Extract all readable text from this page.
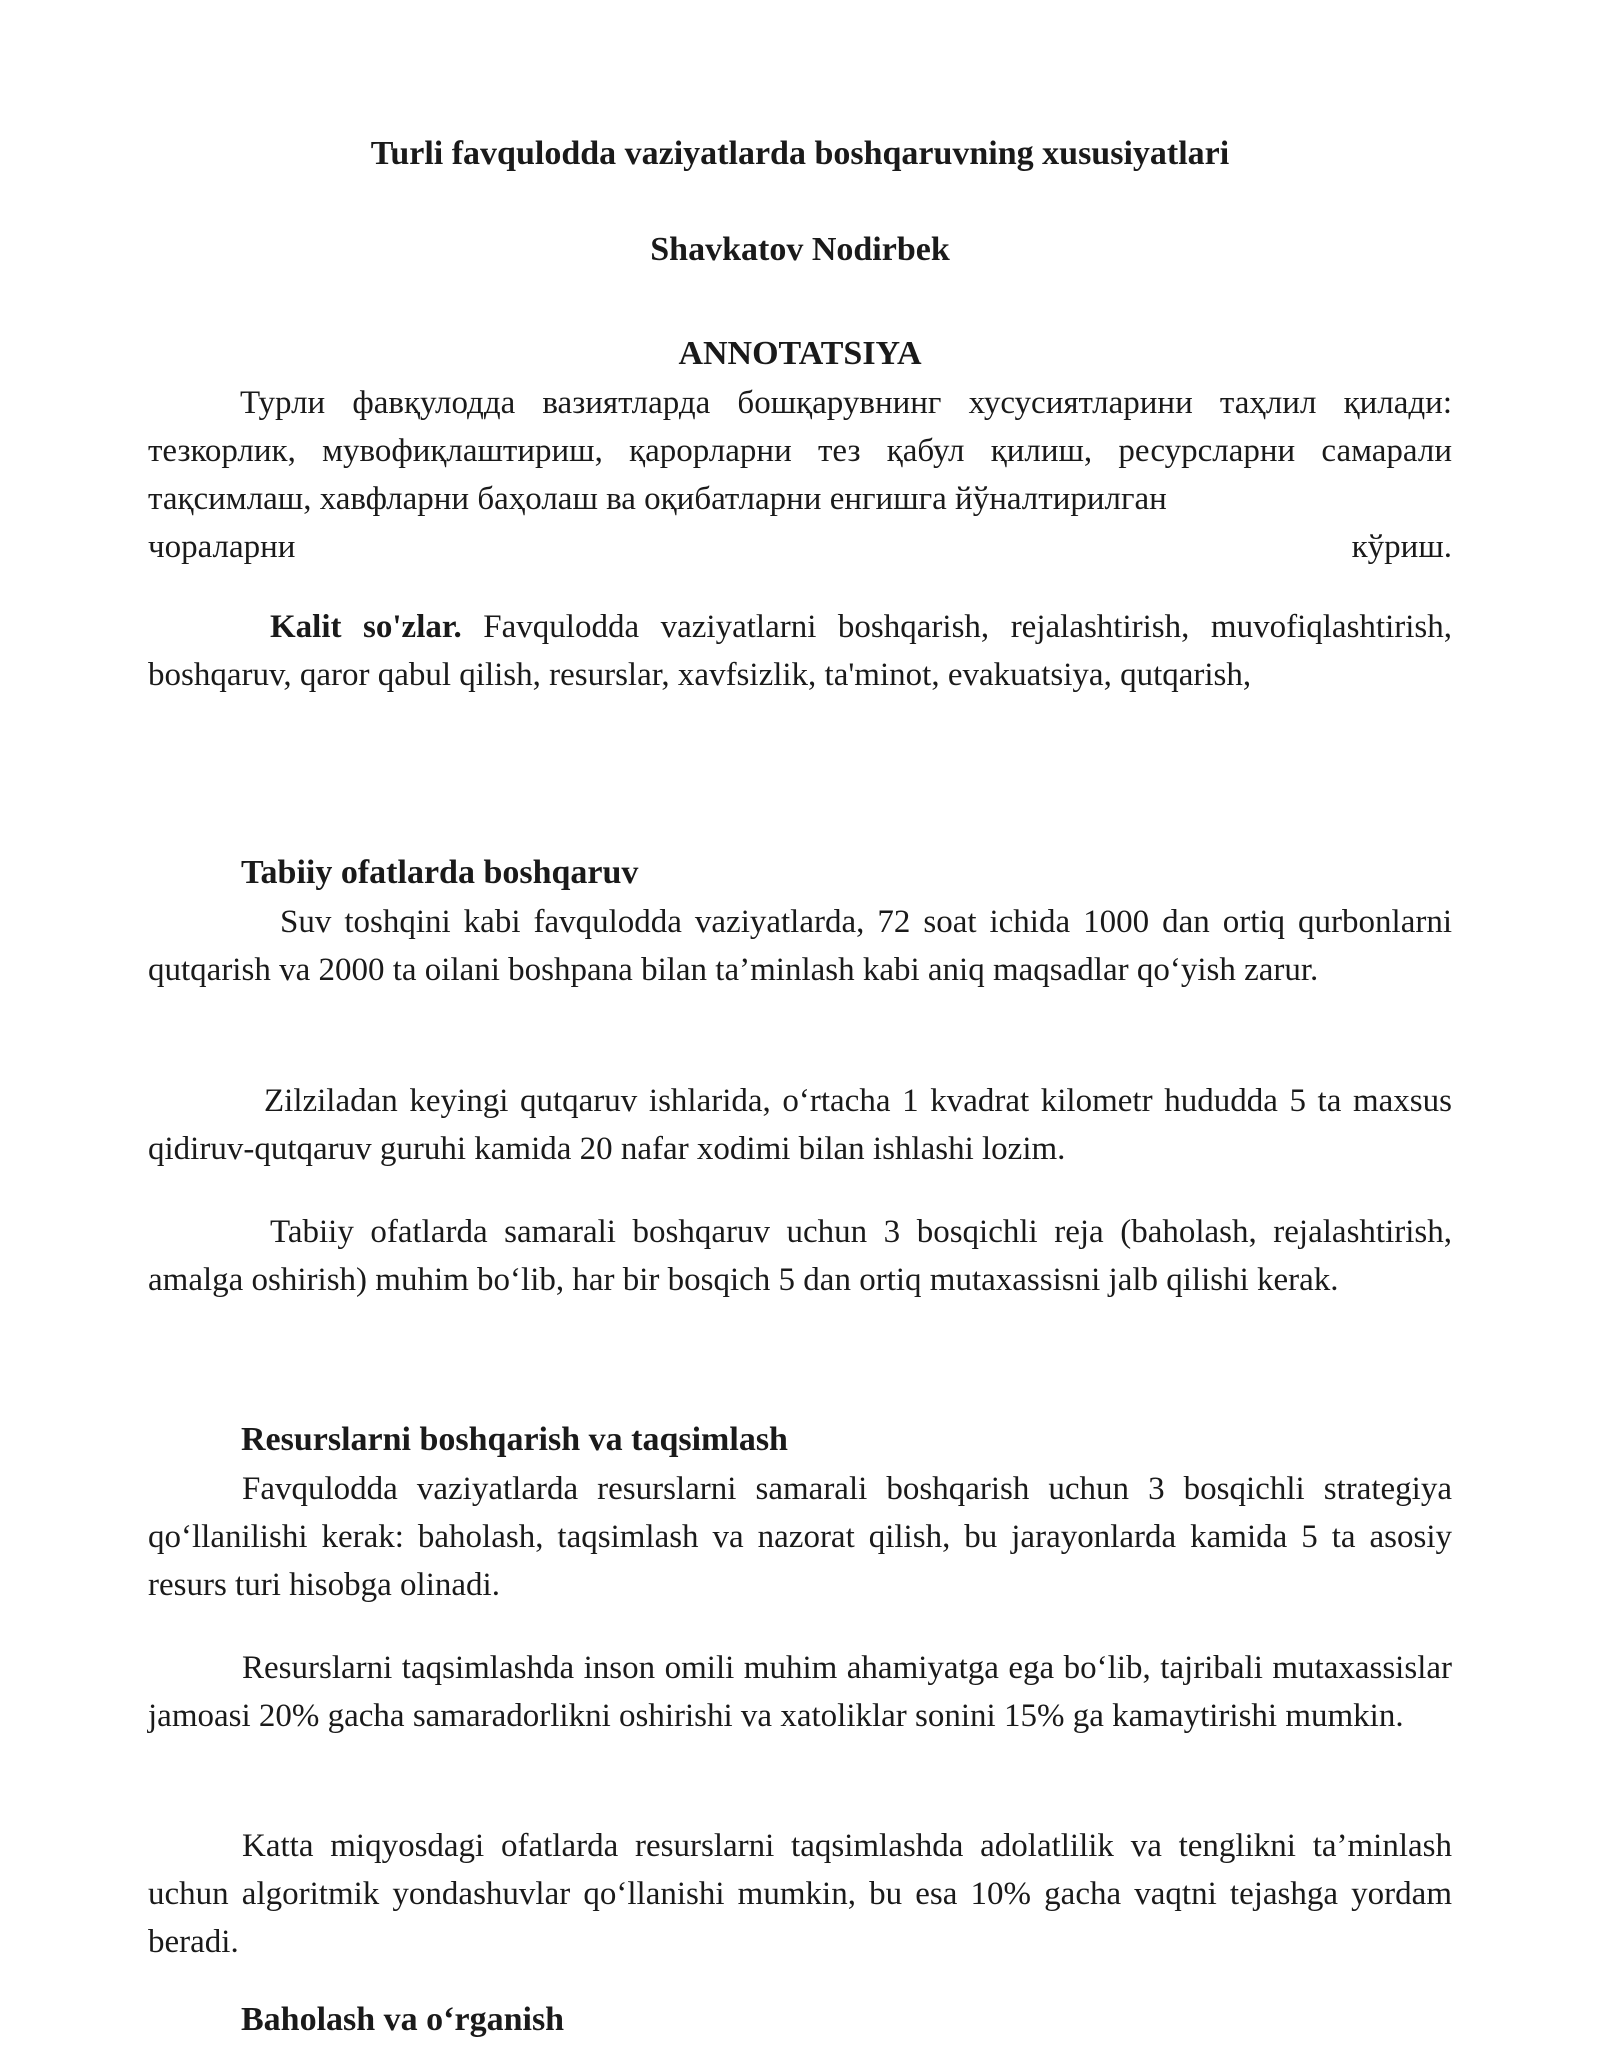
Turli favqulodda vaziyatlarda boshqaruvning xususiyatlari

Shavkatov Nodirbek

ANNOTATSIYA

Турли фавқулодда вазиятларда бошқарувнинг хусусиятларини таҳлил қилади: тезкорлик, мувофиқлаштириш, қарорларни тез қабул қилиш, ресурсларни самарали тақсимлаш, хавфларни баҳолаш ва оқибатларни енгишга йўналтирилган

чораларни	кўриш.

Kalit so'zlar. Favqulodda vaziyatlarni boshqarish, rejalashtirish, muvofiqlashtirish, boshqaruv, qaror qabul qilish, resurslar, xavfsizlik, ta'minot, evakuatsiya, qutqarish,

Tabiiy ofatlarda boshqaruv

Suv toshqini kabi favqulodda vaziyatlarda, 72 soat ichida 1000 dan ortiq qurbonlarni qutqarish va 2000 ta oilani boshpana bilan ta’minlash kabi aniq maqsadlar qo‘yish zarur.

Zilziladan keyingi qutqaruv ishlarida, o‘rtacha 1 kvadrat kilometr hududda 5 ta maxsus qidiruv-qutqaruv guruhi kamida 20 nafar xodimi bilan ishlashi lozim.

Tabiiy ofatlarda samarali boshqaruv uchun 3 bosqichli reja (baholash, rejalashtirish, amalga oshirish) muhim bo‘lib, har bir bosqich 5 dan ortiq mutaxassisni jalb qilishi kerak.

Resurslarni boshqarish va taqsimlash

Favqulodda vaziyatlarda resurslarni samarali boshqarish uchun 3 bosqichli strategiya qo‘llanilishi kerak: baholash, taqsimlash va nazorat qilish, bu jarayonlarda kamida 5 ta asosiy resurs turi hisobga olinadi.

Resurslarni taqsimlashda inson omili muhim ahamiyatga ega bo‘lib, tajribali mutaxassislar jamoasi 20% gacha samaradorlikni oshirishi va xatoliklar sonini 15% ga kamaytirishi mumkin.

Katta miqyosdagi ofatlarda resurslarni taqsimlashda adolatlilik va tenglikni ta’minlash uchun algoritmik yondashuvlar qo‘llanishi mumkin, bu esa 10% gacha vaqtni tejashga yordam beradi.

Baholash va o‘rganish
